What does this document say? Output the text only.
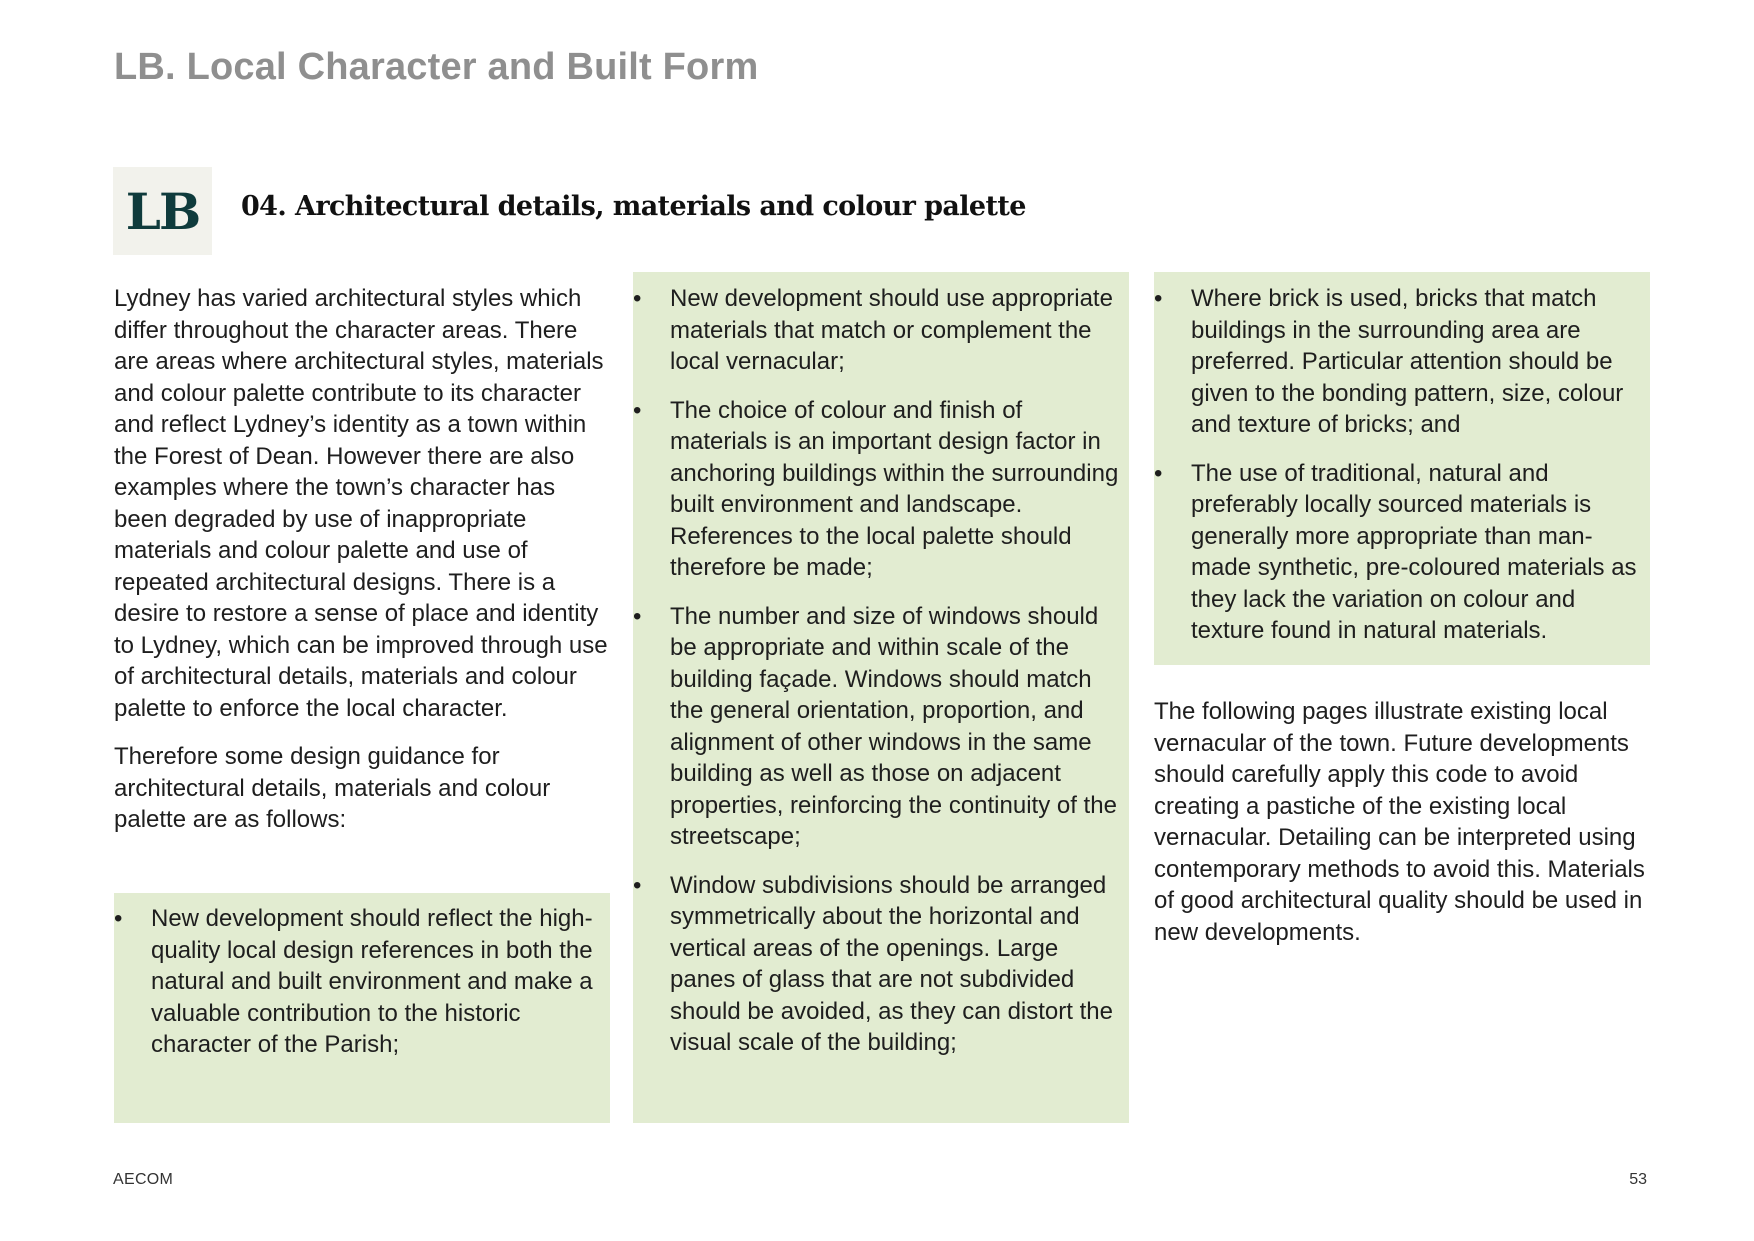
LB. Local Character and Built Form
LB 04. Architectural details, materials and colour palette

Lydney has varied architectural styles which differ throughout the character areas. There are areas where architectural styles, materials and colour palette contribute to its character and reflect Lydney’s identity as a town within the Forest of Dean. However there are also examples where the town’s character has been degraded by use of inappropriate materials and colour palette and use of repeated architectural designs. There is a desire to restore a sense of place and identity to Lydney, which can be improved through use of architectural details, materials and colour palette to enforce the local character.

Therefore some design guidance for architectural details, materials and colour palette are as follows:

• New development should reflect the high-quality local design references in both the natural and built environment and make a valuable contribution to the historic character of the Parish;
• New development should use appropriate materials that match or complement the local vernacular;
• The choice of colour and finish of materials is an important design factor in anchoring buildings within the surrounding built environment and landscape. References to the local palette should therefore be made;
• The number and size of windows should be appropriate and within scale of the building façade. Windows should match the general orientation, proportion, and alignment of other windows in the same building as well as those on adjacent properties, reinforcing the continuity of the streetscape;
• Window subdivisions should be arranged symmetrically about the horizontal and vertical areas of the openings. Large panes of glass that are not subdivided should be avoided, as they can distort the visual scale of the building;
• Where brick is used, bricks that match buildings in the surrounding area are preferred. Particular attention should be given to the bonding pattern, size, colour and texture of bricks; and
• The use of traditional, natural and preferably locally sourced materials is generally more appropriate than man-made synthetic, pre-coloured materials as they lack the variation on colour and texture found in natural materials.

The following pages illustrate existing local vernacular of the town. Future developments should carefully apply this code to avoid creating a pastiche of the existing local vernacular. Detailing can be interpreted using contemporary methods to avoid this. Materials of good architectural quality should be used in new developments.

AECOM	53
